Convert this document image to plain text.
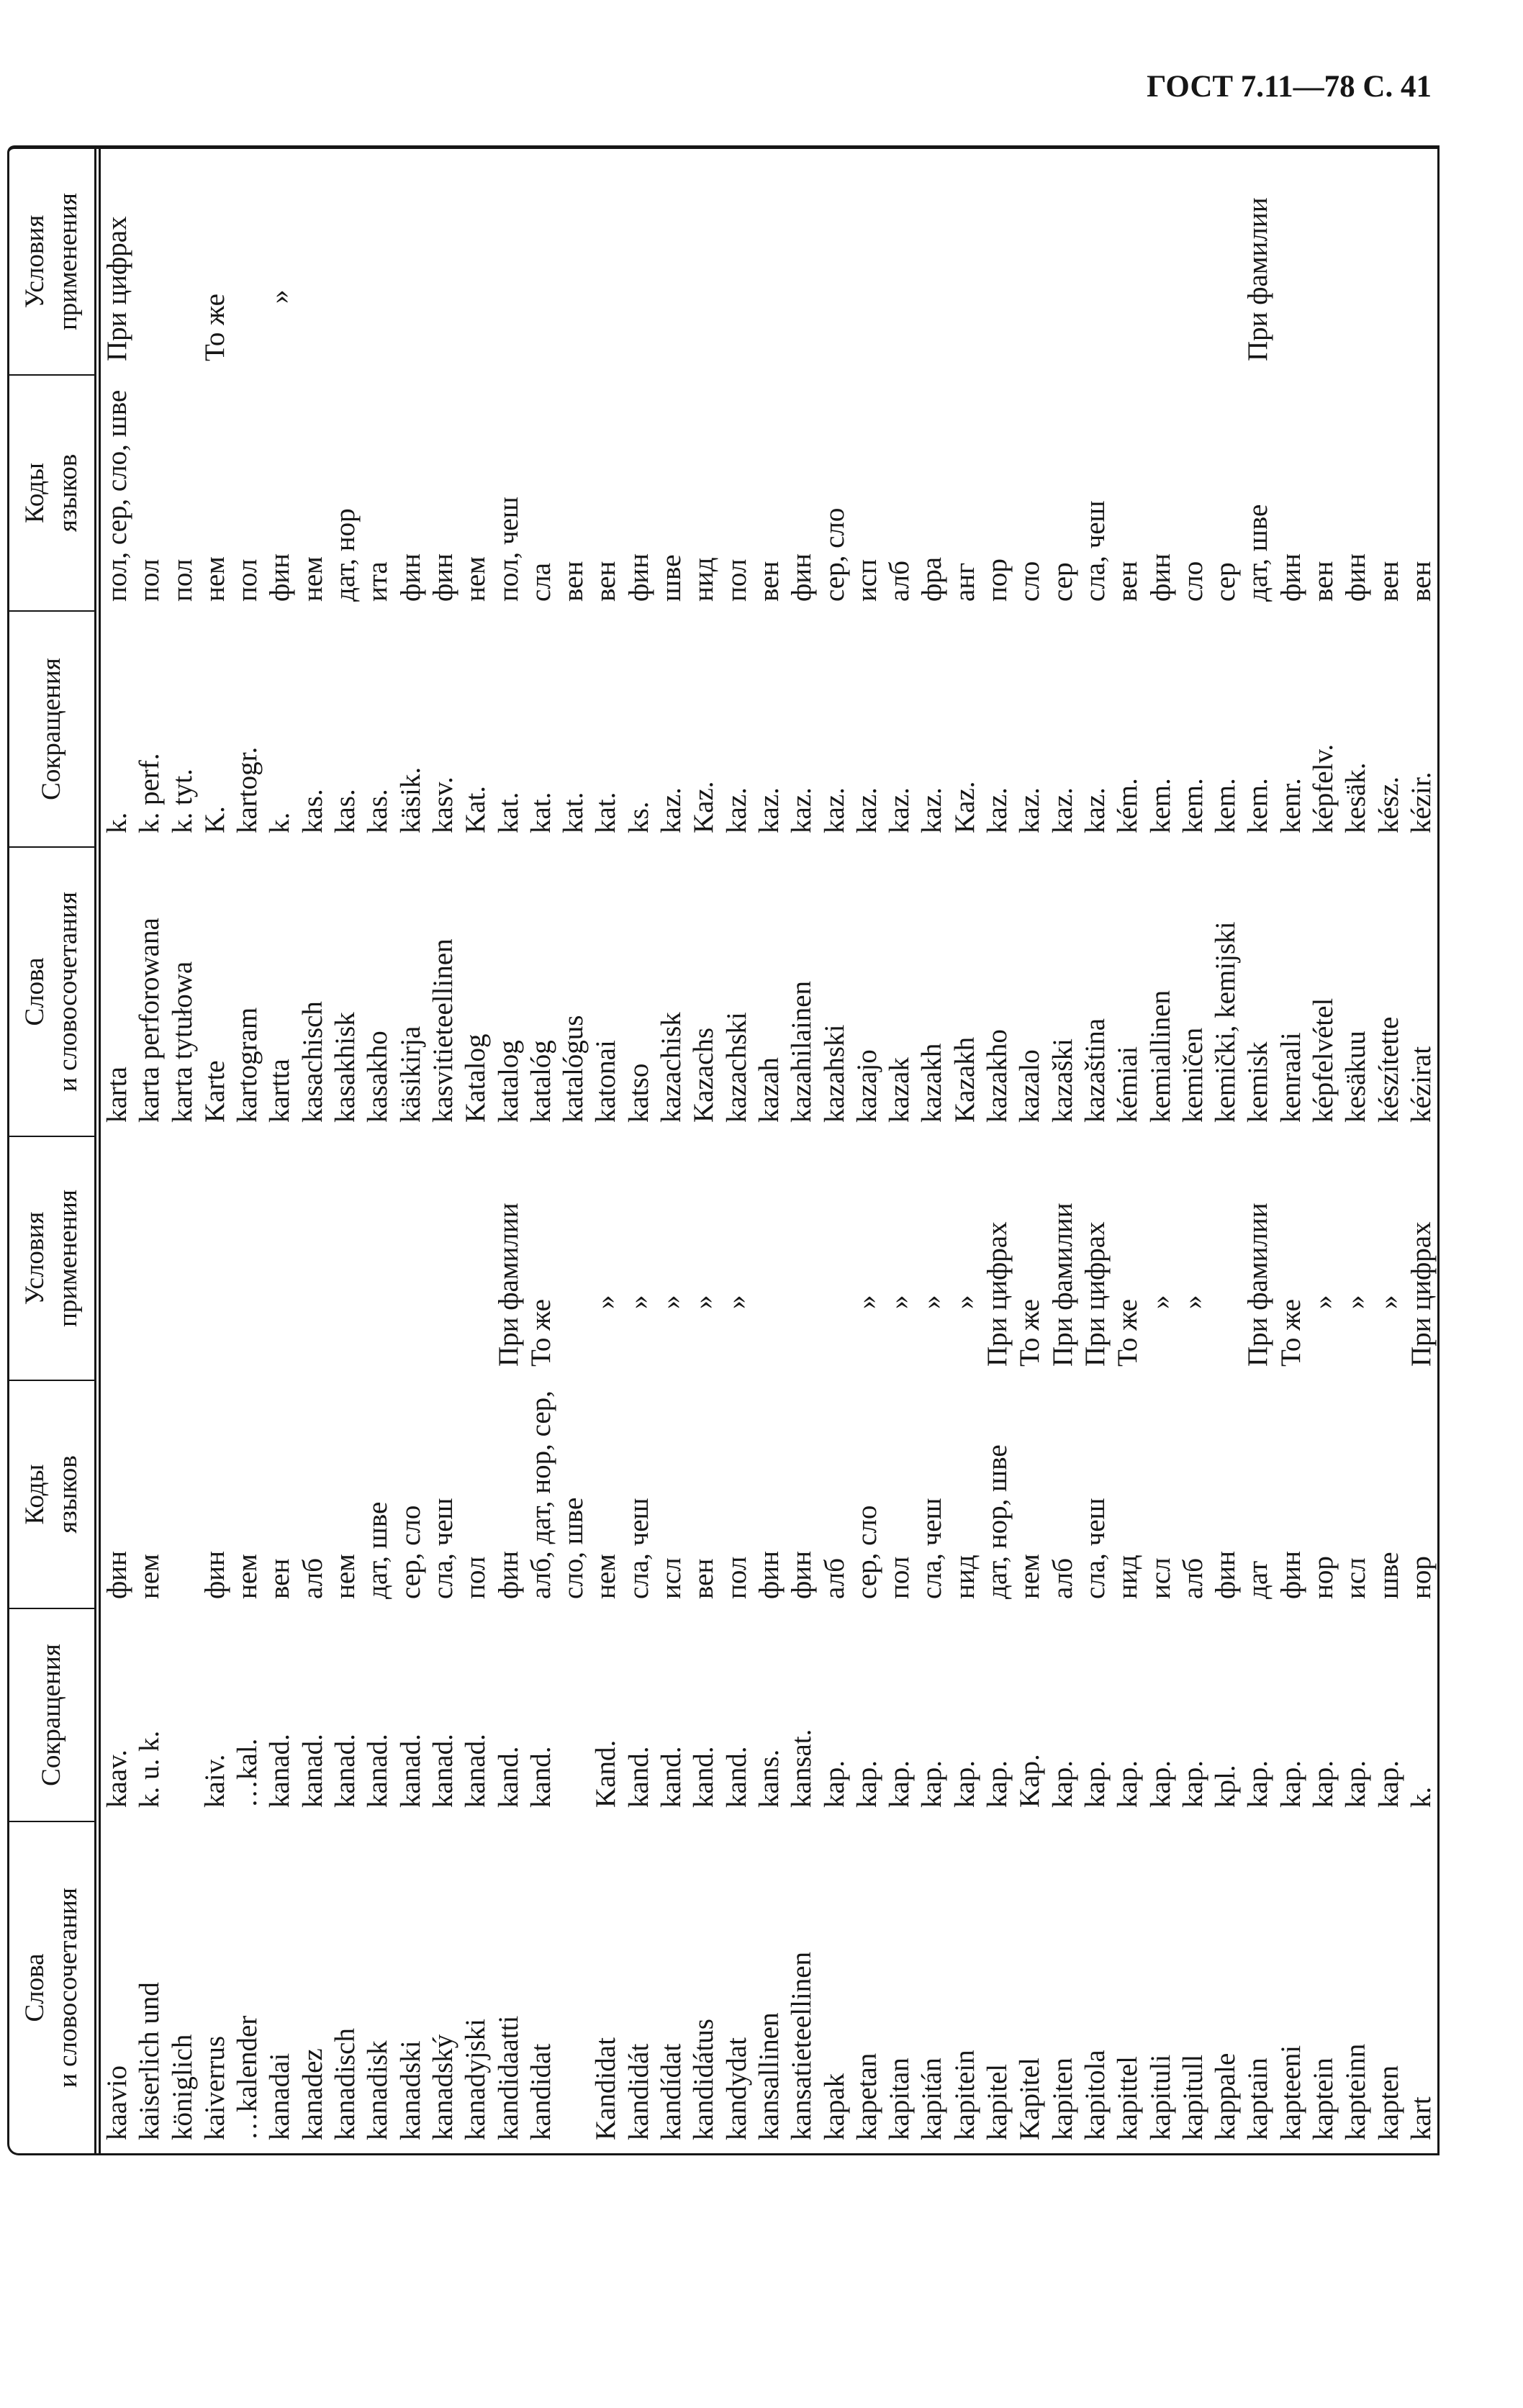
ГОСТ 7.11—78 С. 41
Слова и словосочетания
Сокращения
Коды языков
Условия применения
Слова и словосочетания
Сокращения
Коды языков
Условия применения
kaavio
kaav.
фин
karta
k.
пол, сер, сло, шве
При цифрах
kaiserlich und
k. u. k.
нем
karta perforowana
k. perf.
пол
königlich
karta tytułowa
k. tyt.
пол
kaiverrus
kaiv.
фин
Karte
K.
нем
То же
…kalender
…kal.
нем
kartogram
kartogr.
пол
kanadai
kanad.
вен
kartta
k.
фин
»
kanadez
kanad.
алб
kasachisch
kas.
нем
kanadisch
kanad.
нем
kasakhisk
kas.
дат, нор
kanadisk
kanad.
дат, шве
kasakho
kas.
ита
kanadski
kanad.
сер, сло
käsikirja
käsik.
фин
kanadský
kanad.
сла, чеш
kasvitieteellinen
kasv.
фин
kanadyjski
kanad.
пол
Katalog
Kat.
нем
kandidaatti
kand.
фин
При фамилии
katalog
kat.
пол, чеш
kandidat
kand.
алб, дат, нор, сер,
То же
katalóg
kat.
сла
сло, шве
katalógus
kat.
вен
Kandidat
Kand.
нем
»
katonai
kat.
вен
kandidát
kand.
сла, чеш
»
katso
ks.
фин
kandídat
kand.
исл
»
kazachisk
kaz.
шве
kandidátus
kand.
вен
»
Kazachs
Kaz.
нид
kandydat
kand.
пол
»
kazachski
kaz.
пол
kansallinen
kans.
фин
kazah
kaz.
вен
kansatieteellinen
kansat.
фин
kazahilainen
kaz.
фин
kapak
kap.
алб
kazahski
kaz.
сер, сло
kapetan
kap.
сер, сло
»
kazajo
kaz.
исп
kapitan
kap.
пол
»
kazak
kaz.
алб
kapitán
kap.
сла, чеш
»
kazakh
kaz.
фра
kapitein
kap.
нид
»
Kazakh
Kaz.
анг
kapitel
kap.
дат, нор, шве
При цифрах
kazakho
kaz.
пор
Kapitel
Kap.
нем
То же
kazalo
kaz.
сло
kapiten
kap.
алб
При фамилии
kazaški
kaz.
сер
kapitola
kap.
сла, чеш
При цифрах
kazaština
kaz.
сла, чеш
kapittel
kap.
нид
То же
kémiai
kém.
вен
kapituli
kap.
исл
»
kemiallinen
kem.
фин
kapitull
kap.
алб
»
kemičen
kem.
сло
kappale
kpl.
фин
kemički, kemijski
kem.
сер
kaptain
kap.
дат
При фамилии
kemisk
kem.
дат, шве
При фамилии
kapteeni
kap.
фин
То же
kenraali
kenr.
фин
kaptein
kap.
нор
»
képfelvétel
képfelv.
вен
kapteinn
kap.
исл
»
kesäkuu
kesäk.
фин
kapten
kap.
шве
»
készítette
kész.
вен
kart
k.
нор
При цифрах
kézirat
kézir.
вен
